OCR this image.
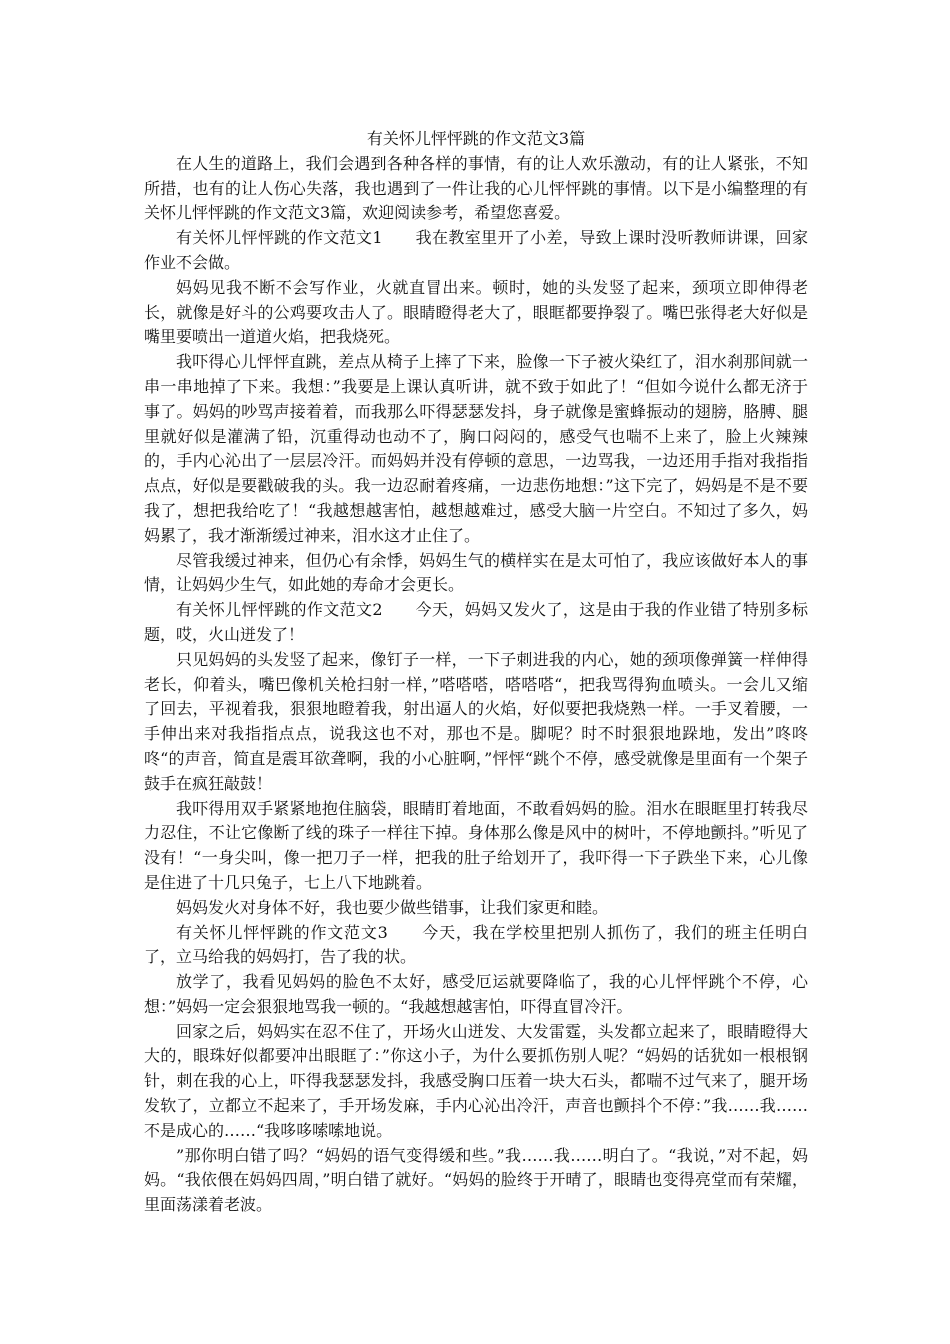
有关怀儿怦怦跳的作文范文3篇

在人生的道路上，我们会遇到各种各样的事情，有的让人欢乐激动，有的让人紧张，不知所措，也有的让人伤心失落，我也遇到了一件让我的心儿怦怦跳的事情。以下是小编整理的有关怀儿怦怦跳的作文范文3篇，欢迎阅读参考，希望您喜爱。

有关怀儿怦怦跳的作文范文1　　我在教室里开了小差，导致上课时没听教师讲课，回家作业不会做。

妈妈见我不断不会写作业，火就直冒出来。顿时，她的头发竖了起来，颈项立即伸得老长，就像是好斗的公鸡要攻击人了。眼睛瞪得老大了，眼眶都要挣裂了。嘴巴张得老大好似是嘴里要喷出一道道火焰，把我烧死。

我吓得心儿怦怦直跳，差点从椅子上摔了下来，脸像一下子被火染红了，泪水刹那间就一串一串地掉了下来。我想：”我要是上课认真听讲，就不致于如此了！“但如今说什么都无济于事了。妈妈的吵骂声接着着，而我那么吓得瑟瑟发抖，身子就像是蜜蜂振动的翅膀，胳膊、腿里就好似是灌满了铅，沉重得动也动不了，胸口闷闷的，感受气也喘不上来了，脸上火辣辣的，手内心沁出了一层层冷汗。而妈妈并没有停顿的意思，一边骂我，一边还用手指对我指指点点，好似是要戳破我的头。我一边忍耐着疼痛，一边悲伤地想：”这下完了，妈妈是不是不要我了，想把我给吃了！“我越想越害怕，越想越难过，感受大脑一片空白。不知过了多久，妈妈累了，我才渐渐缓过神来，泪水这才止住了。

尽管我缓过神来，但仍心有余悸，妈妈生气的横样实在是太可怕了，我应该做好本人的事情，让妈妈少生气，如此她的寿命才会更长。

有关怀儿怦怦跳的作文范文2　　今天，妈妈又发火了，这是由于我的作业错了特别多标题，哎，火山迸发了！

只见妈妈的头发竖了起来，像钉子一样，一下子刺进我的内心，她的颈项像弹簧一样伸得老长，仰着头，嘴巴像机关枪扫射一样，”嗒嗒嗒，嗒嗒嗒“，把我骂得狗血喷头。一会儿又缩了回去，平视着我，狠狠地瞪着我，射出逼人的火焰，好似要把我烧熟一样。一手叉着腰，一手伸出来对我指指点点，说我这也不对，那也不是。脚呢？时不时狠狠地跺地，发出”咚咚咚“的声音，简直是震耳欲聋啊，我的小心脏啊，”怦怦“跳个不停，感受就像是里面有一个架子鼓手在疯狂敲鼓！

我吓得用双手紧紧地抱住脑袋，眼睛盯着地面，不敢看妈妈的脸。泪水在眼眶里打转我尽力忍住，不让它像断了线的珠子一样往下掉。身体那么像是风中的树叶，不停地颤抖。”听见了没有！“一身尖叫，像一把刀子一样，把我的肚子给划开了，我吓得一下子跌坐下来，心儿像是住进了十几只兔子，七上八下地跳着。

妈妈发火对身体不好，我也要少做些错事，让我们家更和睦。

有关怀儿怦怦跳的作文范文3　　今天，我在学校里把别人抓伤了，我们的班主任明白了，立马给我的妈妈打，告了我的状。

放学了，我看见妈妈的脸色不太好，感受厄运就要降临了，我的心儿怦怦跳个不停，心想：”妈妈一定会狠狠地骂我一顿的。“我越想越害怕，吓得直冒冷汗。

回家之后，妈妈实在忍不住了，开场火山迸发、大发雷霆，头发都立起来了，眼睛瞪得大大的，眼珠好似都要冲出眼眶了：”你这小子，为什么要抓伤别人呢？“妈妈的话犹如一根根钢针，刺在我的心上，吓得我瑟瑟发抖，我感受胸口压着一块大石头，都喘不过气来了，腿开场发软了，立都立不起来了，手开场发麻，手内心沁出冷汗，声音也颤抖个不停：”我……我……不是成心的……“我哆哆嗦嗦地说。

”那你明白错了吗？“妈妈的语气变得缓和些。”我……我……明白了。“我说，”对不起，妈妈。“我依偎在妈妈四周，”明白错了就好。“妈妈的脸终于开晴了，眼睛也变得亮堂而有荣耀，里面荡漾着老波。
